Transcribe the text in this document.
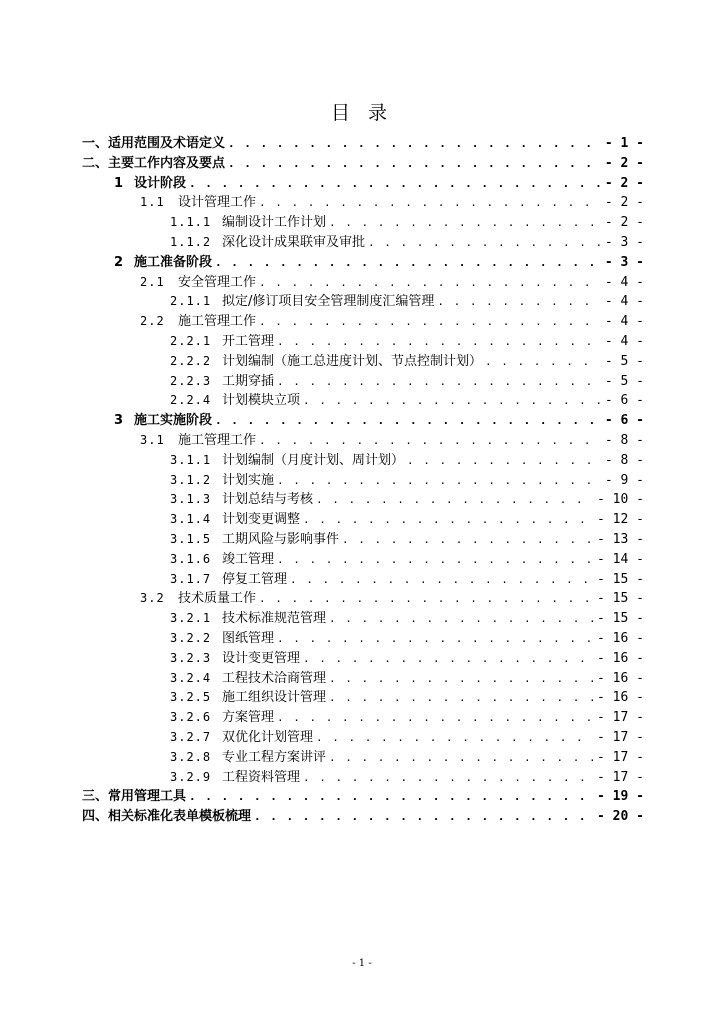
目 录
一、适用范围及术语定义 . . .	- 1 -
二、主要工作内容及要点 . . .	- 2 -
1 设计阶段 . . .	- 2 -
1.1	设计管理工作 . . .	- 2 -
1.1.1 编制设计工作计划 . . .	- 2 -
1.1.2 深化设计成果联审及审批 . . .	- 3 -
2 施工准备阶段 . . .	- 3 -
2.1	安全管理工作 . . .	- 4 -
2.1.1 拟定/修订项目安全管理制度汇编管理 . . .	- 4 -
2.2	施工管理工作 . . .	- 4 -
2.2.1 开工管理 . . .	- 4 -
2.2.2 计划编制（施工总进度计划、节点控制计划） . . .	- 5 -
2.2.3 工期穿插 . . .	- 5 -
2.2.4 计划模块立项 . . .	- 6 -
3 施工实施阶段 . . .	- 6 -
3.1	施工管理工作 . . .	- 8 -
3.1.1 计划编制（月度计划、周计划） . . .	- 8 -
3.1.2 计划实施 . . .	- 9 -
3.1.3 计划总结与考核 . . .	- 10 -
3.1.4 计划变更调整 . . .	- 12 -
3.1.5 工期风险与影响事件 . . .	- 13 -
3.1.6 竣工管理 . . .	- 14 -
3.1.7 停复工管理 . . .	- 15 -
3.2	技术质量工作 . . .	- 15 -
3.2.1 技术标准规范管理 . . .	- 15 -
3.2.2 图纸管理 . . .	- 16 -
3.2.3 设计变更管理 . . .	- 16 -
3.2.4 工程技术洽商管理 . . .	- 16 -
3.2.5 施工组织设计管理 . . .	- 16 -
3.2.6 方案管理 . . .	- 17 -
3.2.7 双优化计划管理 . . .	- 17 -
3.2.8 专业工程方案讲评 . . .	- 17 -
3.2.9 工程资料管理 . . .	- 17 -
三、常用管理工具 . . .	- 19 -
四、相关标准化表单模板梳理 . . .	- 20 -
- 1 -
